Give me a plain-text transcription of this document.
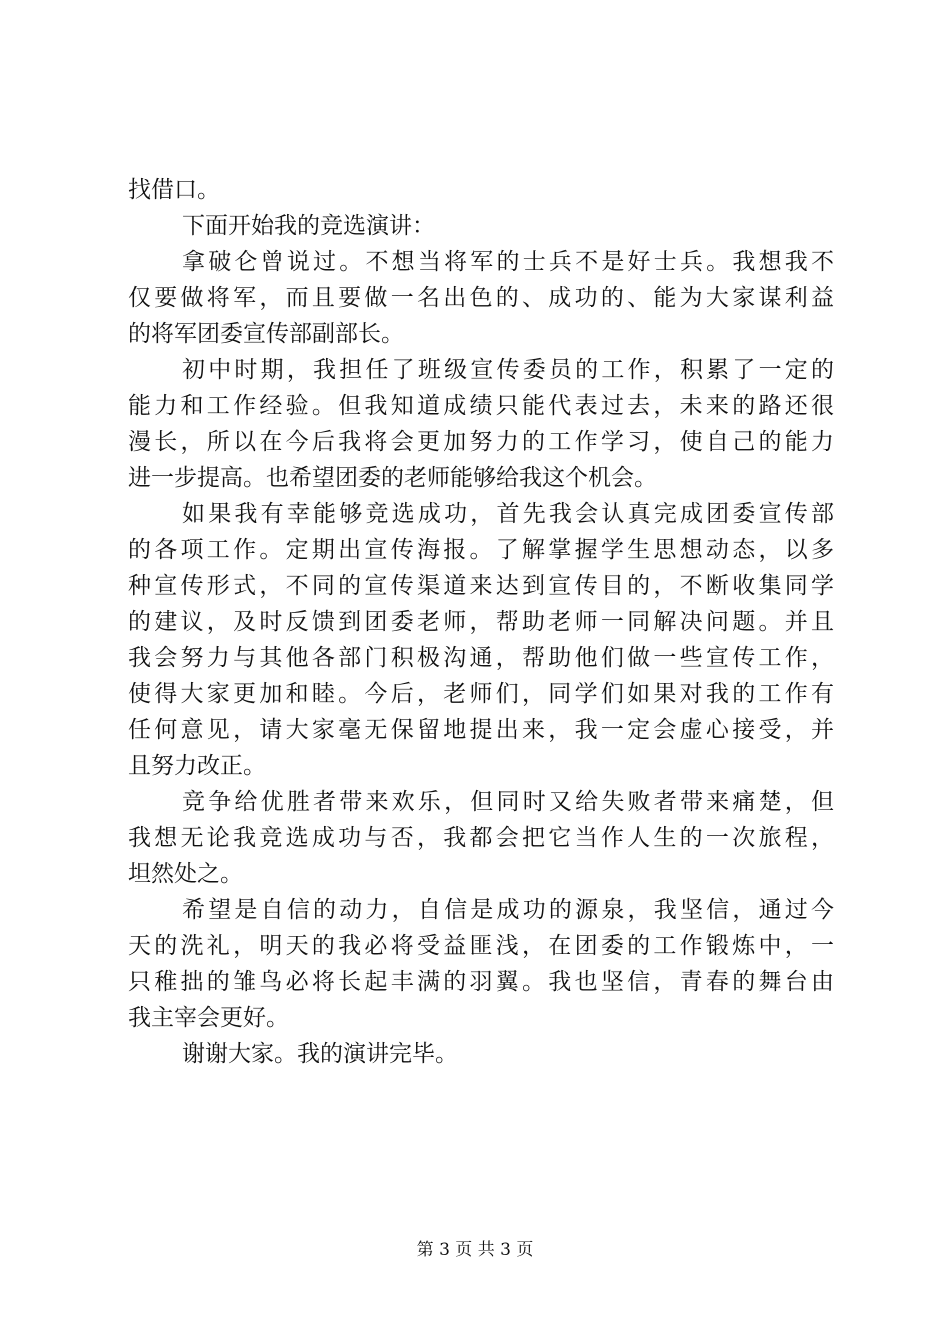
找借口。
下面开始我的竞选演讲：
拿破仑曾说过。不想当将军的士兵不是好士兵。我想我不
仅要做将军，而且要做一名出色的、成功的、能为大家谋利益
的将军团委宣传部副部长。
初中时期，我担任了班级宣传委员的工作，积累了一定的
能力和工作经验。但我知道成绩只能代表过去，未来的路还很
漫长，所以在今后我将会更加努力的工作学习，使自己的能力
进一步提高。也希望团委的老师能够给我这个机会。
如果我有幸能够竞选成功，首先我会认真完成团委宣传部
的各项工作。定期出宣传海报。了解掌握学生思想动态，以多
种宣传形式，不同的宣传渠道来达到宣传目的，不断收集同学
的建议，及时反馈到团委老师，帮助老师一同解决问题。并且
我会努力与其他各部门积极沟通，帮助他们做一些宣传工作，
使得大家更加和睦。今后，老师们，同学们如果对我的工作有
任何意见，请大家毫无保留地提出来，我一定会虚心接受，并
且努力改正。
竞争给优胜者带来欢乐，但同时又给失败者带来痛楚，但
我想无论我竞选成功与否，我都会把它当作人生的一次旅程，
坦然处之。
希望是自信的动力，自信是成功的源泉，我坚信，通过今
天的洗礼，明天的我必将受益匪浅，在团委的工作锻炼中，一
只稚拙的雏鸟必将长起丰满的羽翼。我也坚信，青春的舞台由
我主宰会更好。
谢谢大家。我的演讲完毕。
第 3 页 共 3 页
